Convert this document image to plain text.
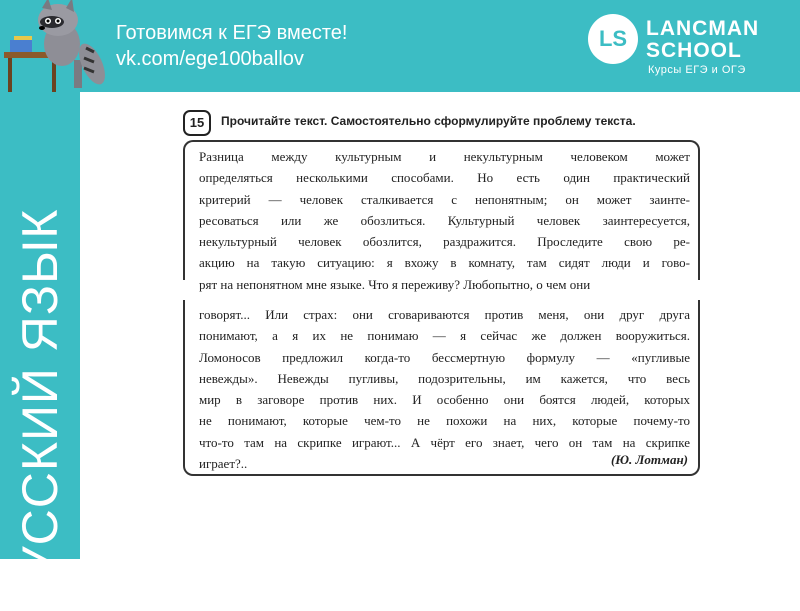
Готовимся к ЕГЭ вместе!
vk.com/ege100ballov
LS LANCMAN
SCHOOL
Курсы ЕГЭ и ОГЭ
РУССКИЙ ЯЗЫК
15	Прочитайте текст. Самостоятельно сформулируйте проблему текста.
Разница между культурным и некультурным человеком может
определяться несколькими способами. Но есть один практический
критерий — человек сталкивается с непонятным; он может заинте-
ресоваться или же обозлиться. Культурный человек заинтересуется,
некультурный человек обозлится, раздражится. Проследите свою ре-
акцию на такую ситуацию: я вхожу в комнату, там сидят люди и гово-
рят на непонятном мне языке. Что я переживу? Любопытно, о чем они
говорят... Или страх: они сговариваются против меня, они друг друга
понимают, а я их не понимаю — я сейчас же должен вооружиться.
Ломоносов предложил когда-то бессмертную формулу — «пугливые
невежды». Невежды пугливы, подозрительны, им кажется, что весь
мир в заговоре против них. И особенно они боятся людей, которых
не понимают, которые чем-то не похожи на них, которые почему-то
что-то там на скрипке играют... А чёрт его знает, чего он там на скрипке
играет?..	(Ю. Лотман)
